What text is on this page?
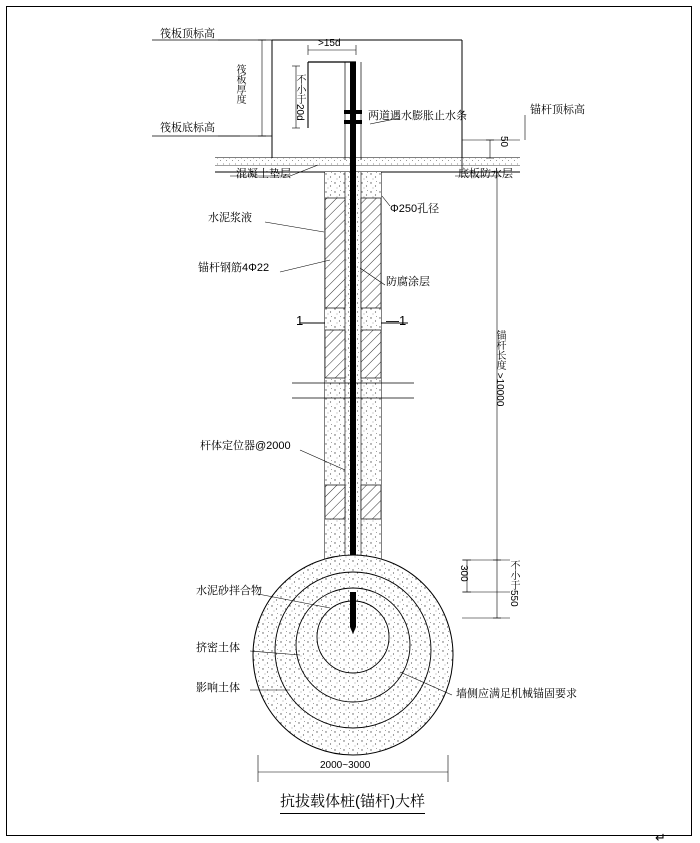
筏板顶标高
筏板底标高
筏板厚度
>15d
不小于20d	两道遇水膨胀止水条	锚杆顶标高
50
混凝土垫层	底板防水层
Φ250孔径
水泥浆液
锚杆钢筋4Φ22
防腐涂层
1	—1
杆体定位器@2000
锚杆长度 >10000
300	不小于550
水泥砂拌合物
挤密土体
影响土体	墙侧应满足机械锚固要求
2000~3000
抗拔载体桩(锚杆)大样
↵
